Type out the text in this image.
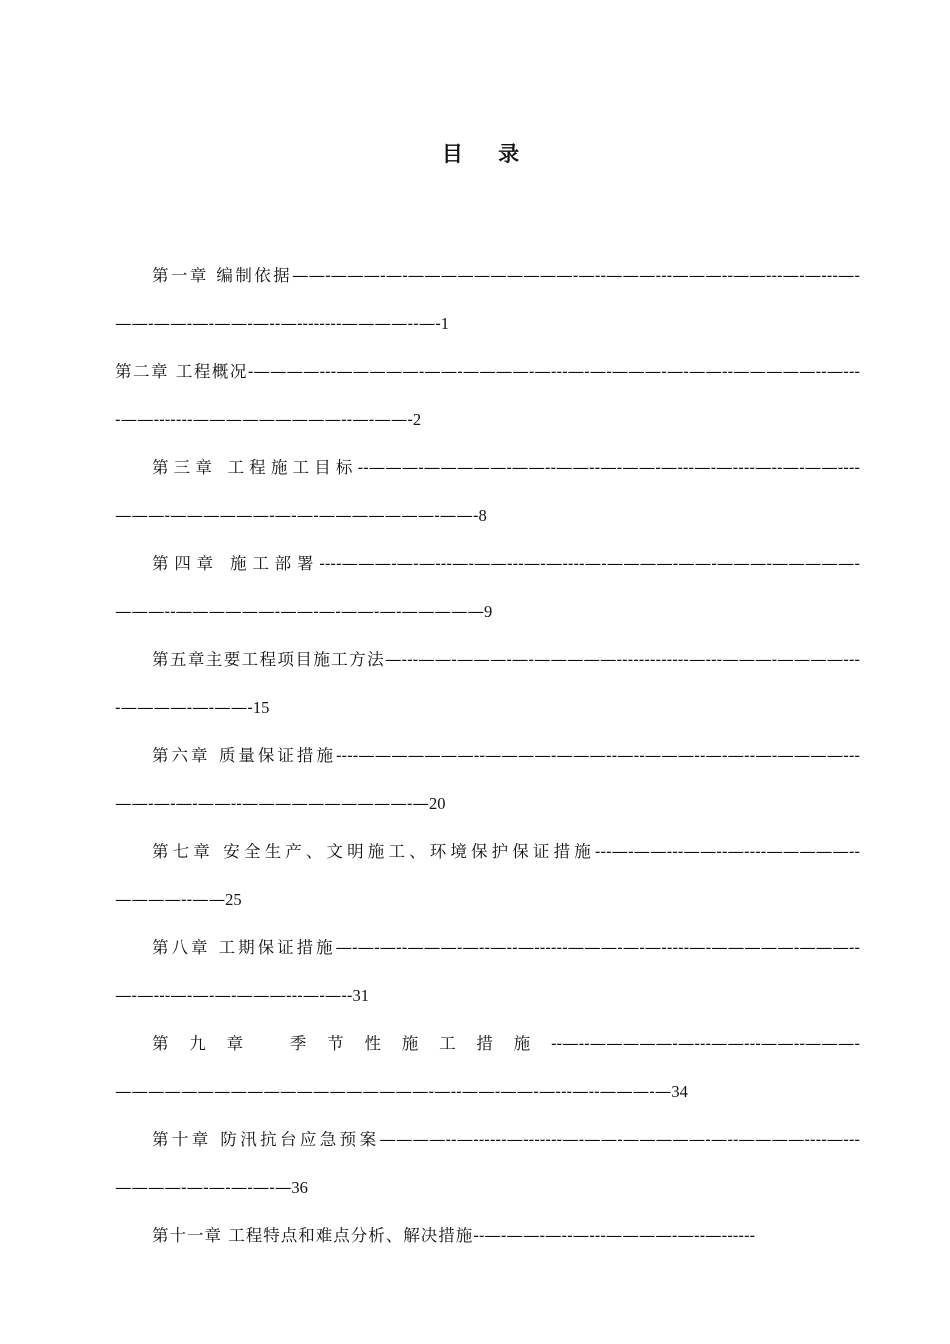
目 录

第一章 编制依据——-———-—-——————————-—--———---———--——---—-—---—-——-——-—-——-—--—--------————--—-1

第二章 工程概况-————---—————-——-————-—---—-—-———-—-——--—————--—----——-------—————————--—-——-2

第三章 工程施工目标--———-—————-——--——--—-——-—---—-—----—--—-——----———-——————-—-—-———————-——-8

第四章 施工部署----———-—-—---—-——---—-—----—-————-——-———-—————-———--——————-——-—-——-—-—————9

第五章主要工程项目施工方法—---——-———-—-—————-------------—---———-————----————-—-——-15

第六章 质量保证措施----———————--————-———--—--———--—-—--—-————---——-—-—-——--——————————-—20

第七章 安全生产、文明施工、环境保护保证措施---—-——---——--—----—————--————--——25

第八章 工期保证措施—-—-—--———-—--—--—------———-—-—-----—-—————-———--—-—---—-—-—-———---—-—--31

第九章 季节性施工措施--—--—————-—---——---——--———-———————————————————-—--——-——-—---—--———-—34

第十章 防汛抗台应急预案————--—------—-------—-——-—————-—--————----—---————-—-—-—-—-—36

第十一章 工程特点和难点分析、解决措施--—-——-—--—---————-—--—------
